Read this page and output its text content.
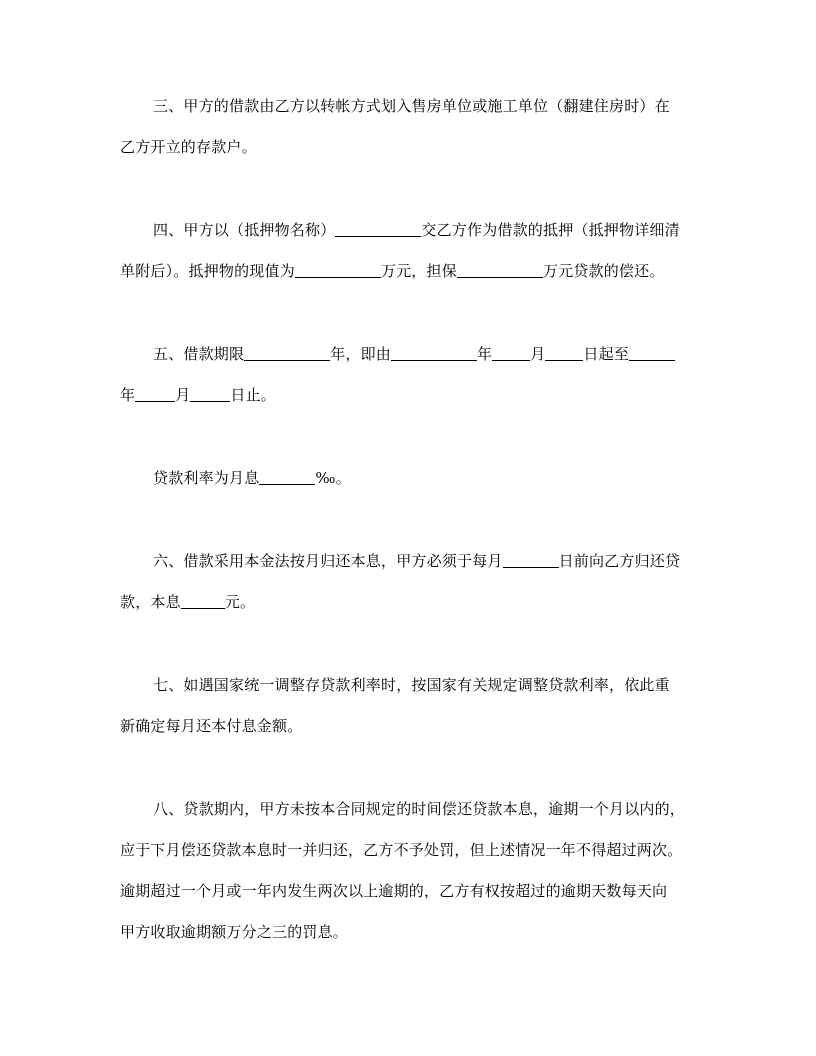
三、甲方的借款由乙方以转帐方式划入售房单位或施工单位（翻建住房时）在
乙方开立的存款户。
四、甲方以（抵押物名称）	交乙方作为借款的抵押（抵押物详细清
单附后）。抵押物的现值为	万元，担保	万元贷款的偿还。
五、借款期限	年，即由	年	月	日起至
年	月	日止。
贷款利率为月息	‰。
六、借款采用本金法按月归还本息，甲方必须于每月	日前向乙方归还贷
款，本息	元。
七、如遇国家统一调整存贷款利率时，按国家有关规定调整贷款利率，依此重
新确定每月还本付息金额。
八、贷款期内，甲方未按本合同规定的时间偿还贷款本息，逾期一个月以内的，
应于下月偿还贷款本息时一并归还，乙方不予处罚，但上述情况一年不得超过两次。
逾期超过一个月或一年内发生两次以上逾期的，乙方有权按超过的逾期天数每天向
甲方收取逾期额万分之三的罚息。
